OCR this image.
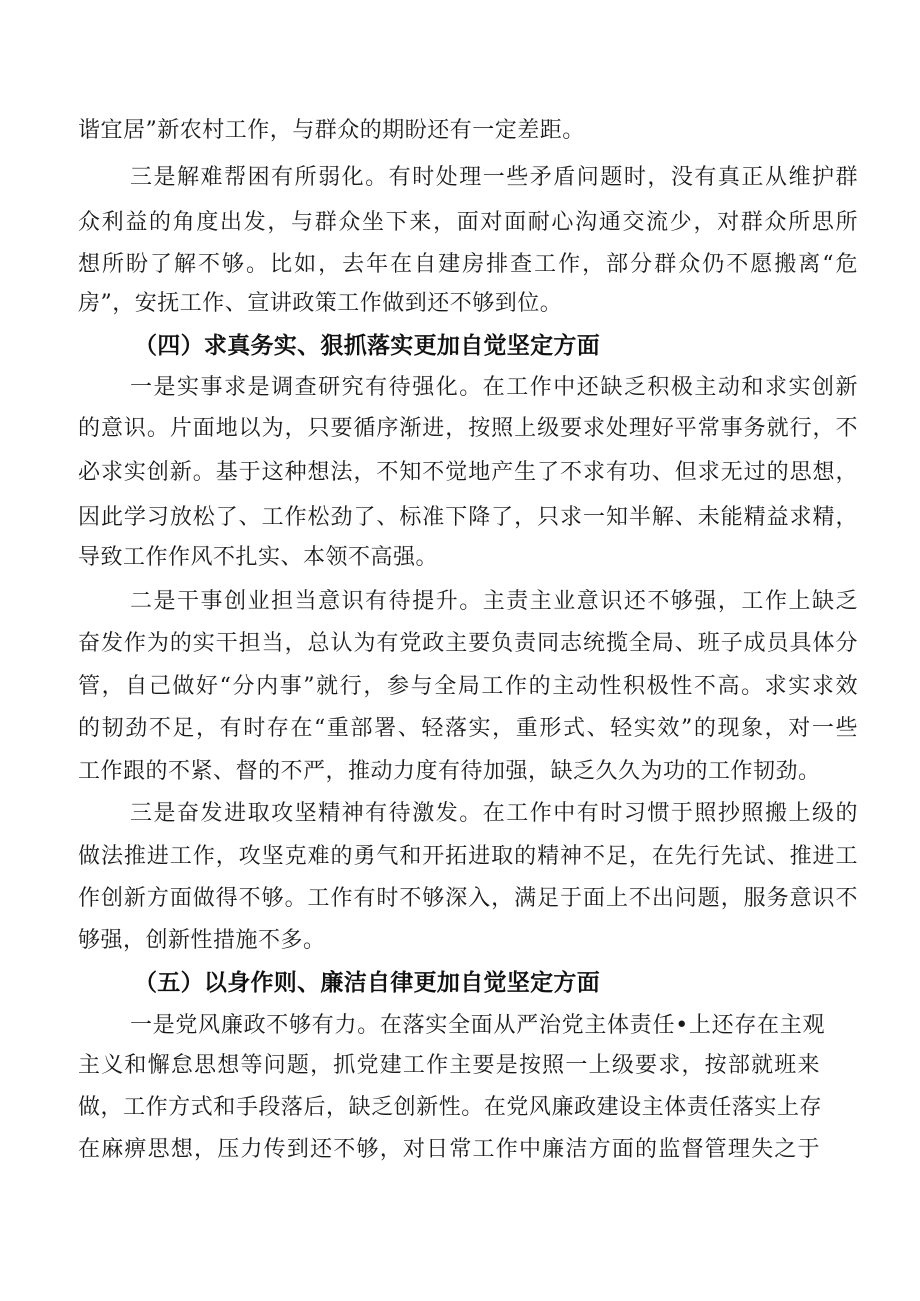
谐宜居”新农村工作，与群众的期盼还有一定差距。

三是解难帮困有所弱化。有时处理一些矛盾问题时，没有真正从维护群

众利益的角度出发，与群众坐下来，面对面耐心沟通交流少，对群众所思所

想所盼了解不够。比如，去年在自建房排查工作，部分群众仍不愿搬离“危

房”，安抚工作、宣讲政策工作做到还不够到位。

（四）求真务实、狠抓落实更加自觉坚定方面

一是实事求是调查研究有待强化。在工作中还缺乏积极主动和求实创新

的意识。片面地以为，只要循序渐进，按照上级要求处理好平常事务就行，不

必求实创新。基于这种想法，不知不觉地产生了不求有功、但求无过的思想，

因此学习放松了、工作松劲了、标准下降了，只求一知半解、未能精益求精，

导致工作作风不扎实、本领不高强。

二是干事创业担当意识有待提升。主责主业意识还不够强，工作上缺乏

奋发作为的实干担当，总认为有党政主要负责同志统揽全局、班子成员具体分

管，自己做好“分内事”就行，参与全局工作的主动性积极性不高。求实求效

的韧劲不足，有时存在“重部署、轻落实，重形式、轻实效”的现象，对一些

工作跟的不紧、督的不严，推动力度有待加强，缺乏久久为功的工作韧劲。

三是奋发进取攻坚精神有待激发。在工作中有时习惯于照抄照搬上级的

做法推进工作，攻坚克难的勇气和开拓进取的精神不足，在先行先试、推进工

作创新方面做得不够。工作有时不够深入，满足于面上不出问题，服务意识不

够强，创新性措施不多。

（五）以身作则、廉洁自律更加自觉坚定方面

一是党风廉政不够有力。在落实全面从严治党主体责任•上还存在主观

主义和懈怠思想等问题，抓党建工作主要是按照一上级要求，按部就班来

做，工作方式和手段落后，缺乏创新性。在党风廉政建设主体责任落实上存

在麻痹思想，压力传到还不够，对日常工作中廉洁方面的监督管理失之于
